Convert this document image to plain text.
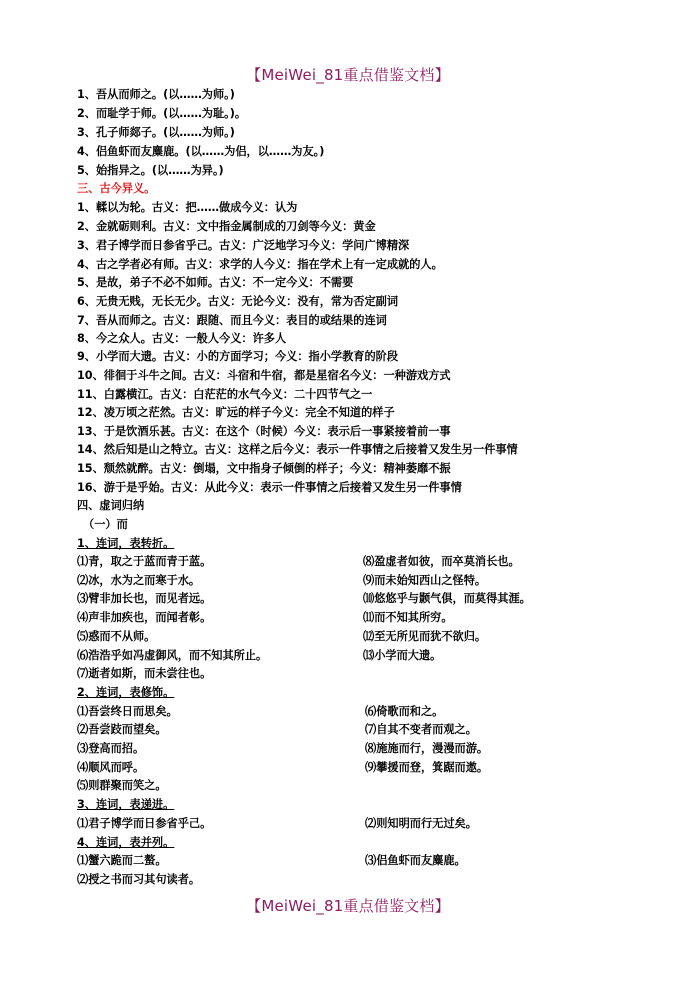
【MeiWei_81重点借鉴文档】
1、吾从而师之。(以……为师。)
2、而耻学于师。(以……为耻。)。
3、孔子师郯子。(以……为师。)
4、侣鱼虾而友麋鹿。(以……为侣，以……为友。)
5、始指异之。(以……为异。)
三、古今异义。
1、輮以为轮。古义：把……做成今义：认为
2、金就砺则利。古义：文中指金属制成的刀剑等今义：黄金
3、君子博学而日参省乎己。古义：广泛地学习今义：学问广博精深
4、古之学者必有师。古义：求学的人今义：指在学术上有一定成就的人。
5、是故，弟子不必不如师。古义：不一定今义：不需要
6、无贵无贱，无长无少。古义：无论今义：没有，常为否定副词
7、吾从而师之。古义：跟随、而且今义：表目的或结果的连词
8、今之众人。古义：一般人今义：许多人
9、小学而大遗。古义：小的方面学习；今义：指小学教育的阶段
10、徘徊于斗牛之间。古义：斗宿和牛宿，都是星宿名今义：一种游戏方式
11、白露横江。古义：白茫茫的水气今义：二十四节气之一
12、凌万顷之茫然。古义：旷远的样子今义：完全不知道的样子
13、于是饮酒乐甚。古义：在这个（时候）今义：表示后一事紧接着前一事
14、然后知是山之特立。古义：这样之后今义：表示一件事情之后接着又发生另一件事情
15、颓然就醉。古义：倒塌，文中指身子倾倒的样子；今义：精神萎靡不振
16、游于是乎始。古义：从此今义：表示一件事情之后接着又发生另一件事情
四、虚词归纳
（一）而
1、连词，表转折。
⑴青，取之于蓝而青于蓝。
⑵冰，水为之而寒于水。
⑶臂非加长也，而见者远。
⑷声非加疾也，而闻者彰。
⑸惑而不从师。
⑹浩浩乎如冯虚御风，而不知其所止。
⑺逝者如斯，而未尝往也。
⑻盈虚者如彼，而卒莫消长也。
⑼而未始知西山之怪特。
⑽悠悠乎与颢气俱，而莫得其涯。
⑾而不知其所穷。
⑿至无所见而犹不欲归。
⒀小学而大遗。
2、连词，表修饰。
⑴吾尝终日而思矣。
⑵吾尝跂而望矣。
⑶登高而招。
⑷顺风而呼。
⑸则群聚而笑之。
⑹倚歌而和之。
⑺自其不变者而观之。
⑻施施而行，漫漫而游。
⑼攀援而登，箕踞而遨。
3、连词，表递进。
⑴君子博学而日参省乎己。	⑵则知明而行无过矣。
4、连词，表并列。
⑴蟹六跪而二螯。
⑵授之书而习其句读者。
⑶侣鱼虾而友麋鹿。
【MeiWei_81重点借鉴文档】
